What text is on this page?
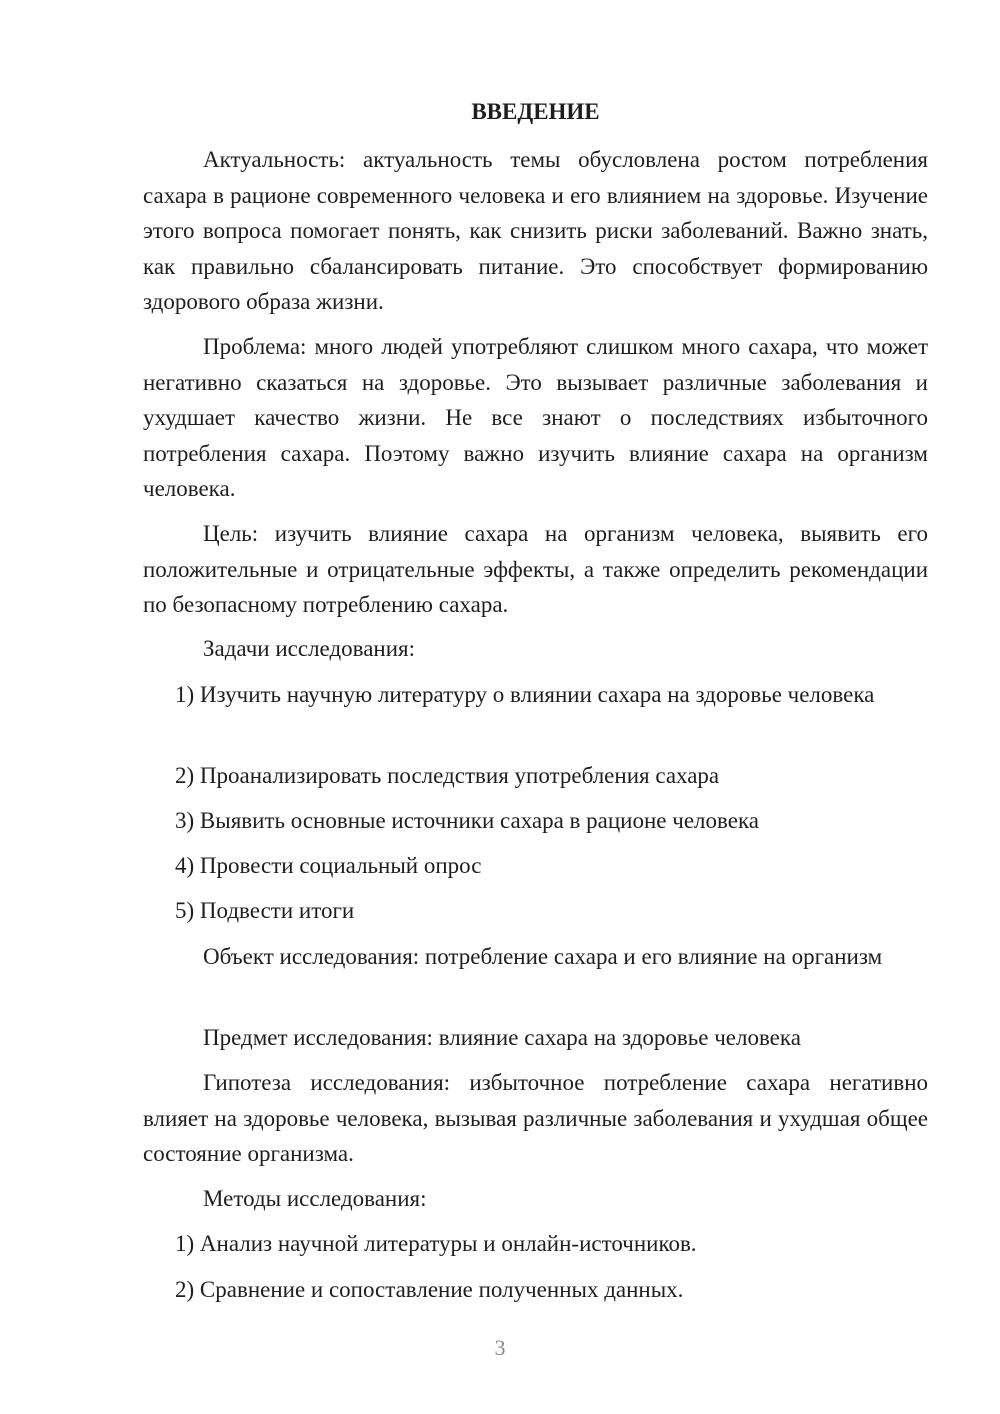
ВВЕДЕНИЕ

Актуальность: актуальность темы обусловлена ростом потребления сахара в рационе современного человека и его влиянием на здоровье. Изучение этого вопроса помогает понять, как снизить риски заболеваний. Важно знать, как правильно сбалансировать питание. Это способствует формированию здорового образа жизни.

Проблема: много людей употребляют слишком много сахара, что может негативно сказаться на здоровье. Это вызывает различные заболевания и ухудшает качество жизни. Не все знают о последствиях избыточного потребления сахара. Поэтому важно изучить влияние сахара на организм человека.

Цель: изучить влияние сахара на организм человека, выявить его положительные и отрицательные эффекты, а также определить рекомендации по безопасному потреблению сахара.

Задачи исследования:

1) Изучить научную литературу о влиянии сахара на здоровье человека

2) Проанализировать последствия употребления сахара

3) Выявить основные источники сахара в рационе человека

4) Провести социальный опрос

5) Подвести итоги

Объект исследования: потребление сахара и его влияние на организм

Предмет исследования: влияние сахара на здоровье человека

Гипотеза исследования: избыточное потребление сахара негативно влияет на здоровье человека, вызывая различные заболевания и ухудшая общее состояние организма.

Методы исследования:

1) Анализ научной литературы и онлайн-источников.

2) Сравнение и сопоставление полученных данных.

3
